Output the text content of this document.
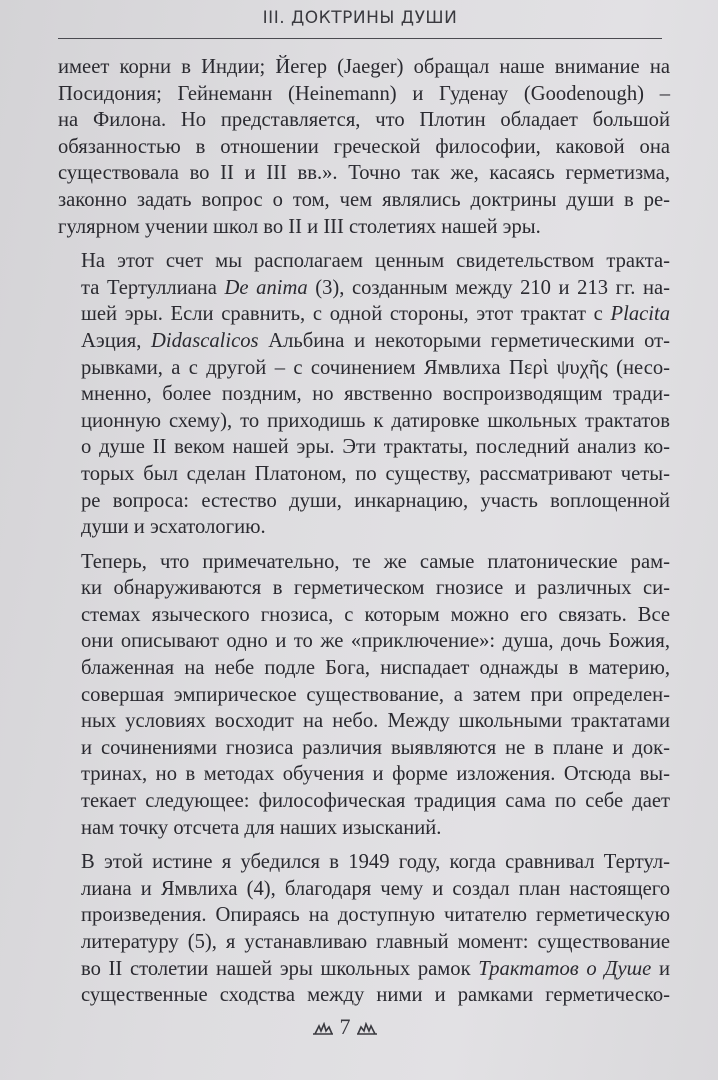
III. ДОКТРИНЫ ДУШИ

имеет корни в Индии; Йегер (Jaeger) обращал наше внимание на
Посидония; Гейнеманн (Heinemann) и Гуденау (Goodenough) –
на Филона. Но представляется, что Плотин обладает большой
обязанностью в отношении греческой философии, каковой она
существовала во II и III вв.». Точно так же, касаясь герметизма,
законно задать вопрос о том, чем являлись доктрины души в ре-
гулярном учении школ во II и III столетиях нашей эры.

На этот счет мы располагаем ценным свидетельством тракта-
та Тертуллиана De anima (3), созданным между 210 и 213 гг. на-
шей эры. Если сравнить, с одной стороны, этот трактат с Placita
Аэция, Didascalicos Альбина и некоторыми герметическими от-
рывками, а с другой – с сочинением Ямвлиха Περὶ ψυχῆς (несо-
мненно, более поздним, но явственно воспроизводящим тради-
ционную схему), то приходишь к датировке школьных трактатов
о душе II веком нашей эры. Эти трактаты, последний анализ ко-
торых был сделан Платоном, по существу, рассматривают четы-
ре вопроса: естество души, инкарнацию, участь воплощенной
души и эсхатологию.

Теперь, что примечательно, те же самые платонические рам-
ки обнаруживаются в герметическом гнозисе и различных си-
стемах языческого гнозиса, с которым можно его связать. Все
они описывают одно и то же «приключение»: душа, дочь Божия,
блаженная на небе подле Бога, ниспадает однажды в материю,
совершая эмпирическое существование, а затем при определен-
ных условиях восходит на небо. Между школьными трактатами
и сочинениями гнозиса различия выявляются не в плане и док-
тринах, но в методах обучения и форме изложения. Отсюда вы-
текает следующее: философическая традиция сама по себе дает
нам точку отсчета для наших изысканий.

В этой истине я убедился в 1949 году, когда сравнивал Тертул-
лиана и Ямвлиха (4), благодаря чему и создал план настоящего
произведения. Опираясь на доступную читателю герметическую
литературу (5), я устанавливаю главный момент: существование
во II столетии нашей эры школьных рамок Трактатов о Душе и
существенные сходства между ними и рамками герметическо-

7
